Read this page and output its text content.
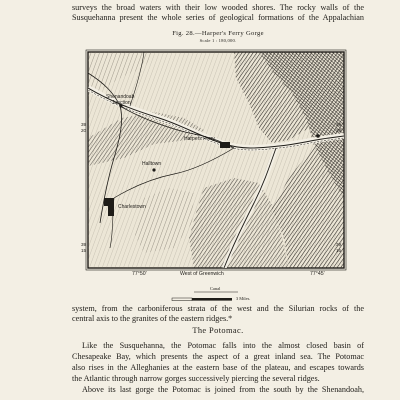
surveys the broad waters with their low wooded shores. The rocky walls of the
Susquehanna present the whole series of geological formations of the Appalachian
Fig. 28.—Harper's Ferry Gorge
Scale 1 : 180,000.
Shenandoah
Junction
Harpers Ferry
Halltown
Charlestown
39
20
39
20
39
15
39
15
77°50'	West of Greenwich	77°45'
Canal
3 Miles.
system, from the carboniferous strata of the west and the Silurian rocks of the
central axis to the granites of the eastern ridges.*
The Potomac.
Like the Susquehanna, the Potomac falls into the almost closed basin of
Chesapeake Bay, which presents the aspect of a great inland sea. The Potomac
also rises in the Alleghanies at the eastern base of the plateau, and escapes towards
the Atlantic through narrow gorges successively piercing the several ridges.
Above its last gorge the Potomac is joined from the south by the Shenandoah,
